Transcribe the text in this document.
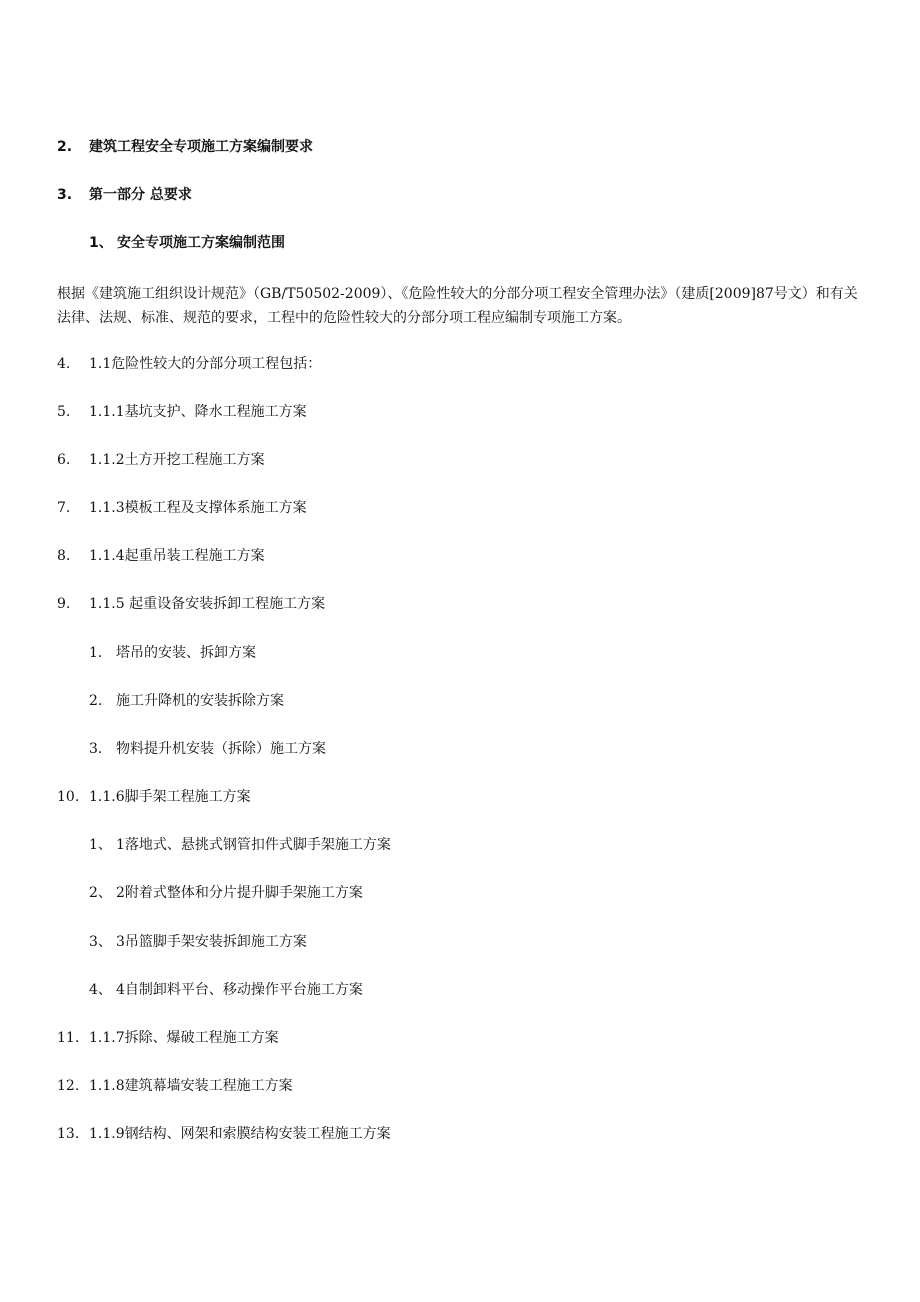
2. 建筑工程安全专项施工方案编制要求
3. 第一部分 总要求
1、 安全专项施工方案编制范围
根据《建筑施工组织设计规范》（GB/T50502-2009）、《危险性较大的分部分项工程安全管理办法》（建质[2009]87号文）和有关法律、法规、标准、规范的要求，工程中的危险性较大的分部分项工程应编制专项施工方案。
4. 1.1危险性较大的分部分项工程包括：
5. 1.1.1基坑支护、降水工程施工方案
6. 1.1.2土方开挖工程施工方案
7. 1.1.3模板工程及支撑体系施工方案
8. 1.1.4起重吊装工程施工方案
9. 1.1.5 起重设备安装拆卸工程施工方案
1. 塔吊的安装、拆卸方案
2. 施工升降机的安装拆除方案
3. 物料提升机安装（拆除）施工方案
10. 1.1.6脚手架工程施工方案
1、 1落地式、悬挑式钢管扣件式脚手架施工方案
2、 2附着式整体和分片提升脚手架施工方案
3、 3吊篮脚手架安装拆卸施工方案
4、 4自制卸料平台、移动操作平台施工方案
11. 1.1.7拆除、爆破工程施工方案
12. 1.1.8建筑幕墙安装工程施工方案
13. 1.1.9钢结构、网架和索膜结构安装工程施工方案
